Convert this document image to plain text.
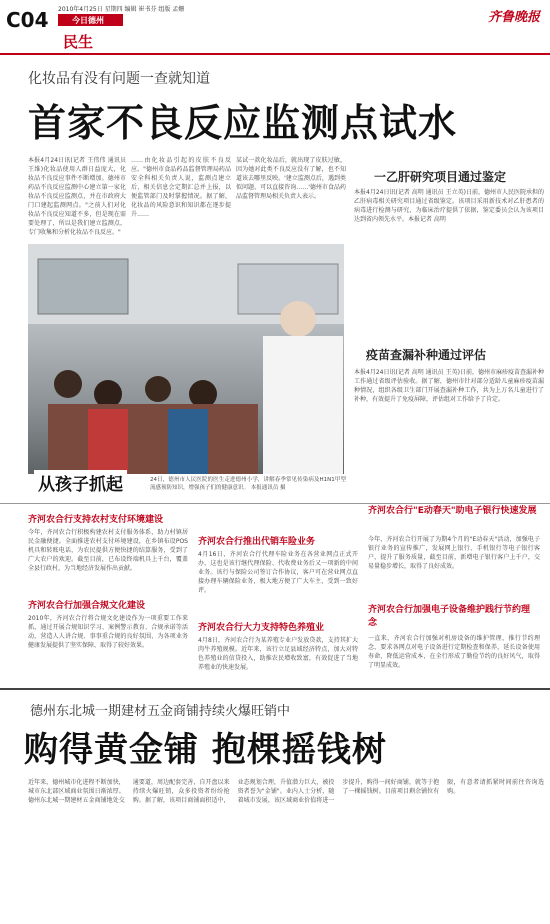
C04 2010年4月25日 星期四 编辑 崔书芬 组版 孟姗
今日德州
民生
齐鲁晚报
化妆品有没有问题一查就知道
首家不良反应监测点试水
本报4月24日讯(记者 王伟伟 通讯员 王维)化妆品使用人群日益庞大，化妆品不良反应事件不断增加。德州市药品不良反应监测中心建立第一家化妆品不良反应监测点，并在市政府大门口建起监测网点。"之前人们对化妆品不良反应知道不多，但是现在需要处理了，所以是我们建立监测点，专门收集和分析化妆品不良反应。"
……由化妆品引起的皮肤不良反应。"德州市食品药品监督管理局药品安全科相关负责人说，监测点建立后，相关信息会定期汇总并上报，以便监管部门及时掌握情况。据了解，化妆品的风险意识和知识都在逐步提升……
某试一款化妆品后，就出现了皮肤过敏，因为她对此类不良反应没有了解，也不知道该去哪里反映。'建立监测点后，遇到类似问题，可以直接咨询……'德州市食品药品监督管理局相关负责人表示。
从孩子抓起	24日，德州市人民医院的医生走进德州小学，讲解春季常见传染病及H1N1甲型流感预防知识，增强孩子们的健康意识。 本报通讯员 摄
一乙肝研究项目通过鉴定
本报4月24日讯(记者 高明 通讯员 王立英)日前，德州市人民医院承担的乙肝病毒相关研究项目通过省级鉴定。该项目采用新技术对乙肝患者的病毒进行检测与研究，为临床治疗提供了依据，鉴定委员会认为该项目达到省内领先水平。本报记者 高明
疫苗查漏补种通过评估
本报4月24日讯(记者 高明 通讯员 王英)日前，德州市麻疹疫苗查漏补种工作通过省级评估验收。据了解，德州市针对部分适龄儿童麻疹疫苗漏种情况，组织各级卫生部门开展查漏补种工作，共为上万名儿童进行了补种，有效提升了免疫屏障，评估组对工作给予了肯定。
齐河农合行支持农村支付环境建设
今年，齐河农合行积极构建农村支付服务体系，助力村镇居民金融便捷。全面推进农村支付环境建设，在乡镇布设POS机具和转账电话，为农民提供方便快捷的结算服务，受到了广大农户的欢迎。截至目前，已布设终端机具上千台，覆盖全县行政村，为当地经济发展作出贡献。
齐河农合行推出代销车险业务
4月16日，齐河农合行代理车险业务在各营业网点正式开办，这也是该行继代理保险、代收费业务后又一项新的中间业务。该行与保险公司签订合作协议，客户可在营业网点直接办理车辆保险业务，极大地方便了广大车主，受到一致好评。
齐河农合行"E动春天"助电子银行快速发展
今年，齐河农合行开展了为期4个月的"E动春天"活动，加强电子银行业务的宣传推广，发展网上银行、手机银行等电子银行客户，提升了服务质量，截至目前，新增电子银行客户上千户，交易量稳步增长，取得了良好成效。
齐河农合行加强合规文化建设
2010年，齐河农合行将合规文化建设作为一项重要工作来抓，通过开展合规知识学习、案例警示教育、合规承诺等活动，营造人人讲合规、事事重合规的良好氛围，为各项业务健康发展提供了坚实保障，取得了较好效果。
齐河农合行大力支持特色养殖业
4月8日，齐河农合行为某养殖专业户发放贷款，支持其扩大肉牛养殖规模。近年来，该行立足县域经济特点，加大对特色养殖业的信贷投入，助推农民增收致富，有效促进了当地养殖业的快速发展。
齐河农合行加强电子设备维护践行节约理念
一直来，齐河农合行加强对机房设备的维护管理，推行节约理念，要求各网点对电子设备进行定期检查和保养，延长设备使用寿命，降低运营成本，在全行形成了勤俭节约的良好风气，取得了明显成效。
德州东北城一期建材五金商铺持续火爆旺销中
购得黄金铺 抱棵摇钱树
近年来，德州城市化进程不断加快，城市东北部区域商业氛围日渐浓厚。德州东北城一期建材五金商铺地处交通要道，周边配套完善，自开盘以来持续火爆旺销，众多投资者纷纷抢购。据了解，该项目商铺面积适中，业态规划合理，升值潜力巨大，被投资者誉为"金铺"。业内人士分析，随着城市发展，该区域商业价值将进一步提升，购得一间好商铺，就等于抱了一棵摇钱树。目前项目剩余铺位有限，有意者请抓紧时间前往咨询选购。
